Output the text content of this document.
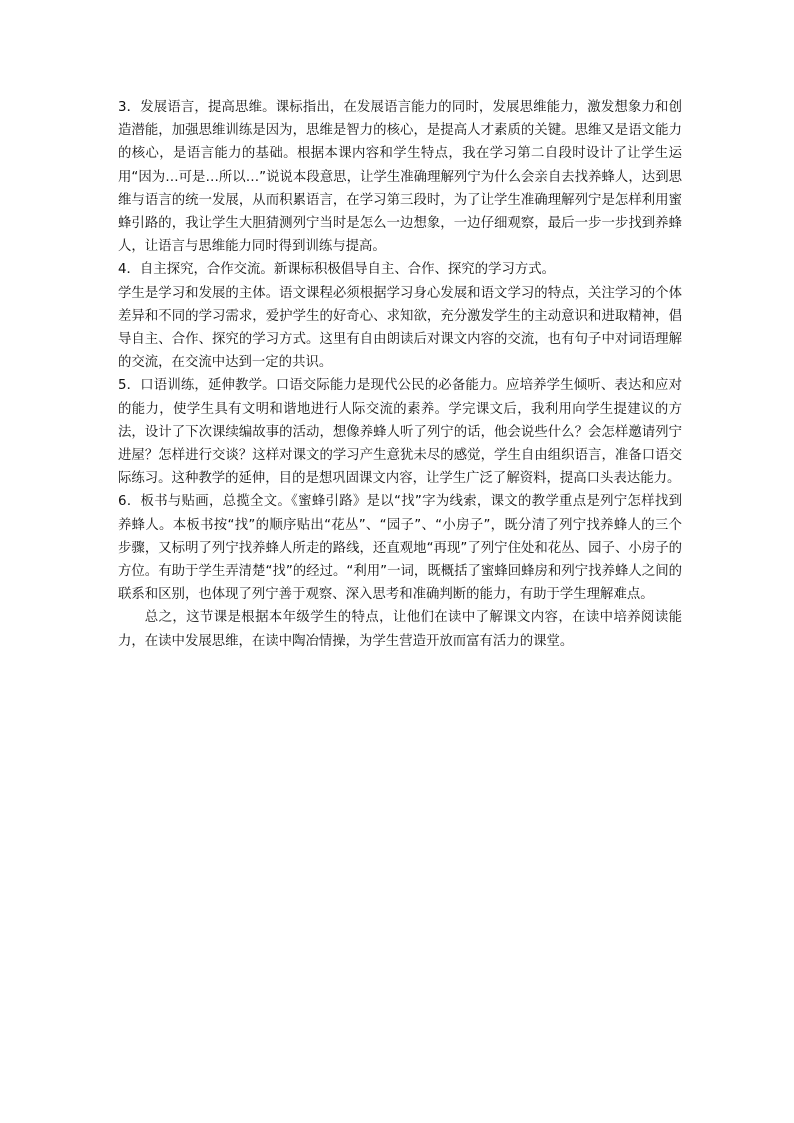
3．发展语言，提高思维。课标指出，在发展语言能力的同时，发展思维能力，激发想象力和创造潜能，加强思维训练是因为，思维是智力的核心，是提高人才素质的关键。思维又是语文能力的核心，是语言能力的基础。根据本课内容和学生特点，我在学习第二自段时设计了让学生运用“因为…可是…所以…”说说本段意思，让学生准确理解列宁为什么会亲自去找养蜂人，达到思维与语言的统一发展，从而积累语言，在学习第三段时，为了让学生准确理解列宁是怎样利用蜜蜂引路的，我让学生大胆猜测列宁当时是怎么一边想象，一边仔细观察，最后一步一步找到养蜂人，让语言与思维能力同时得到训练与提高。

4．自主探究，合作交流。新课标积极倡导自主、合作、探究的学习方式。

学生是学习和发展的主体。语文课程必须根据学习身心发展和语文学习的特点，关注学习的个体差异和不同的学习需求，爱护学生的好奇心、求知欲，充分激发学生的主动意识和进取精神，倡导自主、合作、探究的学习方式。这里有自由朗读后对课文内容的交流，也有句子中对词语理解的交流，在交流中达到一定的共识。

5．口语训练，延伸教学。口语交际能力是现代公民的必备能力。应培养学生倾听、表达和应对的能力，使学生具有文明和谐地进行人际交流的素养。学完课文后，我利用向学生提建议的方法，设计了下次课续编故事的活动，想像养蜂人听了列宁的话，他会说些什么？会怎样邀请列宁进屋？怎样进行交谈？这样对课文的学习产生意犹未尽的感觉，学生自由组织语言，准备口语交际练习。这种教学的延伸，目的是想巩固课文内容，让学生广泛了解资料，提高口头表达能力。

6．板书与贴画，总揽全文。《蜜蜂引路》是以“找”字为线索，课文的教学重点是列宁怎样找到养蜂人。本板书按“找”的顺序贴出“花丛”、“园子”、“小房子”，既分清了列宁找养蜂人的三个步骤，又标明了列宁找养蜂人所走的路线，还直观地“再现”了列宁住处和花丛、园子、小房子的方位。有助于学生弄清楚“找”的经过。“利用”一词，既概括了蜜蜂回蜂房和列宁找养蜂人之间的联系和区别，也体现了列宁善于观察、深入思考和准确判断的能力，有助于学生理解难点。

总之，这节课是根据本年级学生的特点，让他们在读中了解课文内容，在读中培养阅读能力，在读中发展思维，在读中陶冶情操，为学生营造开放而富有活力的课堂。
